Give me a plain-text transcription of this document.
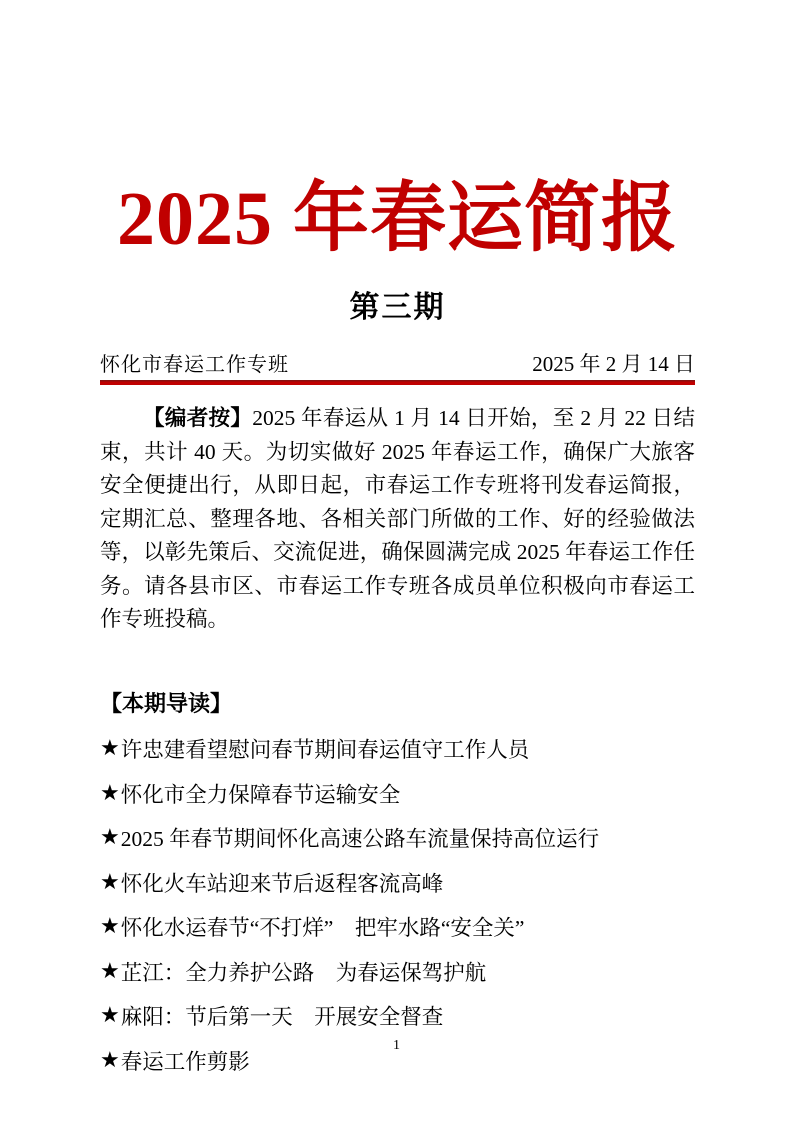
2025 年春运简报
第三期
怀化市春运工作专班	2025 年 2 月 14 日

【编者按】2025 年春运从 1 月 14 日开始，至 2 月 22 日结束，共计 40 天。为切实做好 2025 年春运工作，确保广大旅客安全便捷出行，从即日起，市春运工作专班将刊发春运简报，定期汇总、整理各地、各相关部门所做的工作、好的经验做法等，以彰先策后、交流促进，确保圆满完成 2025 年春运工作任务。请各县市区、市春运工作专班各成员单位积极向市春运工作专班投稿。

【本期导读】
★ 许忠建看望慰问春节期间春运值守工作人员
★ 怀化市全力保障春节运输安全
★ 2025 年春节期间怀化高速公路车流量保持高位运行
★ 怀化火车站迎来节后返程客流高峰
★ 怀化水运春节“不打烊”　把牢水路“安全关”
★ 芷江：全力养护公路　为春运保驾护航
★ 麻阳：节后第一天　开展安全督查
★ 春运工作剪影
1
